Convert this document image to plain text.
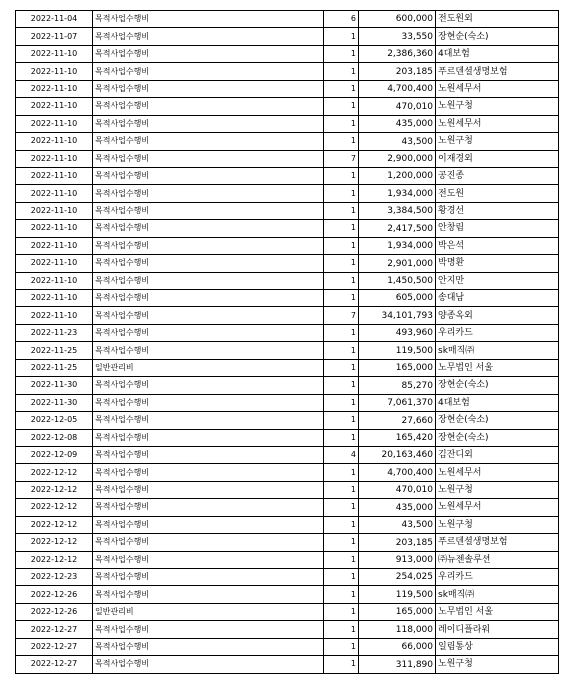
2022-11-04	목적사업수행비	6	600,000	전도원외
2022-11-07	목적사업수행비	1	33,550	장현순(숙소)
2022-11-10	목적사업수행비	1	2,386,360	4대보험
2022-11-10	목적사업수행비	1	203,185	푸르덴셜생명보험
2022-11-10	목적사업수행비	1	4,700,400	노원세무서
2022-11-10	목적사업수행비	1	470,010	노원구청
2022-11-10	목적사업수행비	1	435,000	노원세무서
2022-11-10	목적사업수행비	1	43,500	노원구청
2022-11-10	목적사업수행비	7	2,900,000	이재경외
2022-11-10	목적사업수행비	1	1,200,000	공진종
2022-11-10	목적사업수행비	1	1,934,000	전도원
2022-11-10	목적사업수행비	1	3,384,500	황경선
2022-11-10	목적사업수행비	1	2,417,500	안창림
2022-11-10	목적사업수행비	1	1,934,000	박은석
2022-11-10	목적사업수행비	1	2,901,000	박명환
2022-11-10	목적사업수행비	1	1,450,500	안지만
2022-11-10	목적사업수행비	1	605,000	송대남
2022-11-10	목적사업수행비	7	34,101,793	양종옥외
2022-11-23	목적사업수행비	1	493,960	우리카드
2022-11-25	목적사업수행비	1	119,500	sk매직㈜
2022-11-25	일반관리비	1	165,000	노무법인 서울
2022-11-30	목적사업수행비	1	85,270	장현순(숙소)
2022-11-30	목적사업수행비	1	7,061,370	4대보험
2022-12-05	목적사업수행비	1	27,660	장현순(숙소)
2022-12-08	목적사업수행비	1	165,420	장현순(숙소)
2022-12-09	목적사업수행비	4	20,163,460	김잔디외
2022-12-12	목적사업수행비	1	4,700,400	노원세무서
2022-12-12	목적사업수행비	1	470,010	노원구청
2022-12-12	목적사업수행비	1	435,000	노원세무서
2022-12-12	목적사업수행비	1	43,500	노원구청
2022-12-12	목적사업수행비	1	203,185	푸르덴셜생명보험
2022-12-12	목적사업수행비	1	913,000	㈜뉴젠솔루션
2022-12-23	목적사업수행비	1	254,025	우리카드
2022-12-26	목적사업수행비	1	119,500	sk매직㈜
2022-12-26	일반관리비	1	165,000	노무법인 서울
2022-12-27	목적사업수행비	1	118,000	레이디플라워
2022-12-27	목적사업수행비	1	66,000	일림통상
2022-12-27	목적사업수행비	1	311,890	노원구청
